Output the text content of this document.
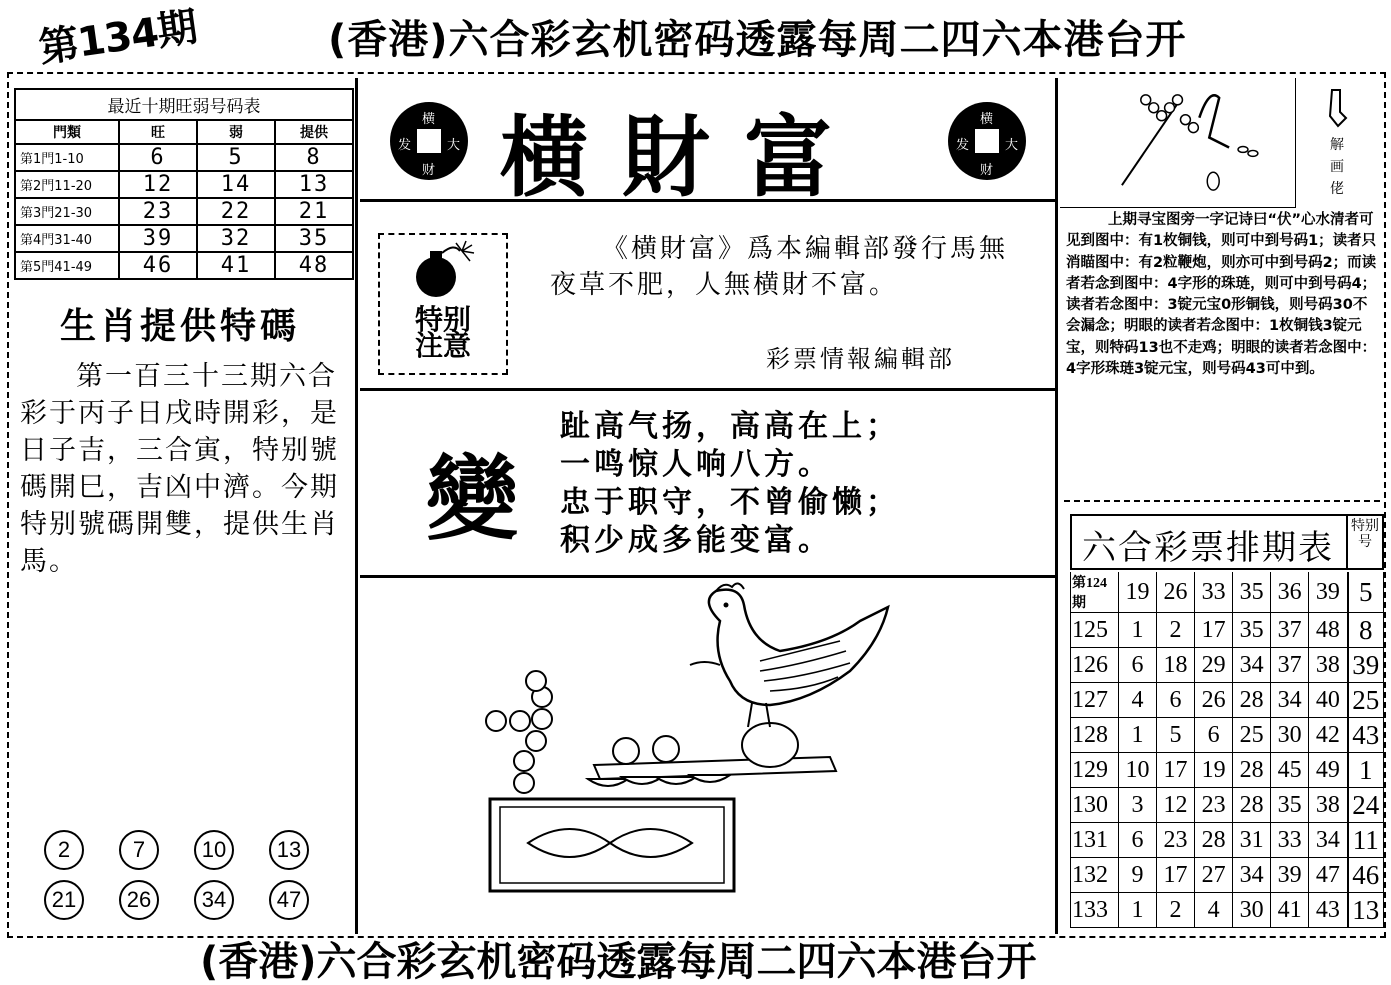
第134期	(香港)六合彩玄机密码透露每周二四六本港台开
最近十期旺弱号码表
門類	旺	弱	提供
第1門1-10	6	5	8
第2門11-20	12	14	13
第3門21-30	23	22	21
第4門31-40	39	32	35
第5門41-49	46	41	48
生肖提供特碼
第一百三十三期六合彩于丙子日戌時開彩，是日子吉，三合寅，特别號碼開巳，吉凶中濟。今期特别號碼開雙，提供生肖馬。
2	7	10	13
21	26	34	47
横
大
财
发 横財富	横
大
财
发
特别
注意
《横財富》爲本編輯部發行馬無夜草不肥，人無横財不富。
彩票情報編輯部
變
趾高气扬，高高在上；
一鸣惊人响八方。
忠于职守，不曾偷懒；
积少成多能变富。
解
画
佬
上期寻宝图旁一字记诗曰“伏”心水清者可见到图中：有1枚铜钱，则可中到号码1；读者只消瞄图中：有2粒鞭炮，则亦可中到号码2；而读者若念到图中：4字形的珠琏，则可中到号码4；读者若念图中：3锭元宝0形铜钱，则号码30不会漏念；明眼的读者若念图中：1枚铜钱3锭元宝，则特码13也不走鸡；明眼的读者若念图中：4字形珠琏3锭元宝，则号码43可中到。
六合彩票排期表
特别号
第124期	19	26	33	35	36	39	5
125	1	2	17	35	37	48	8
126	6	18	29	34	37	38	39
127	4	6	26	28	34	40	25
128	1	5	6	25	30	42	43
129	10	17	19	28	45	49	1
130	3	12	23	28	35	38	24
131	6	23	28	31	33	34	11
132	9	17	27	34	39	47	46
133	1	2	4	30	41	43	13
(香港)六合彩玄机密码透露每周二四六本港台开
